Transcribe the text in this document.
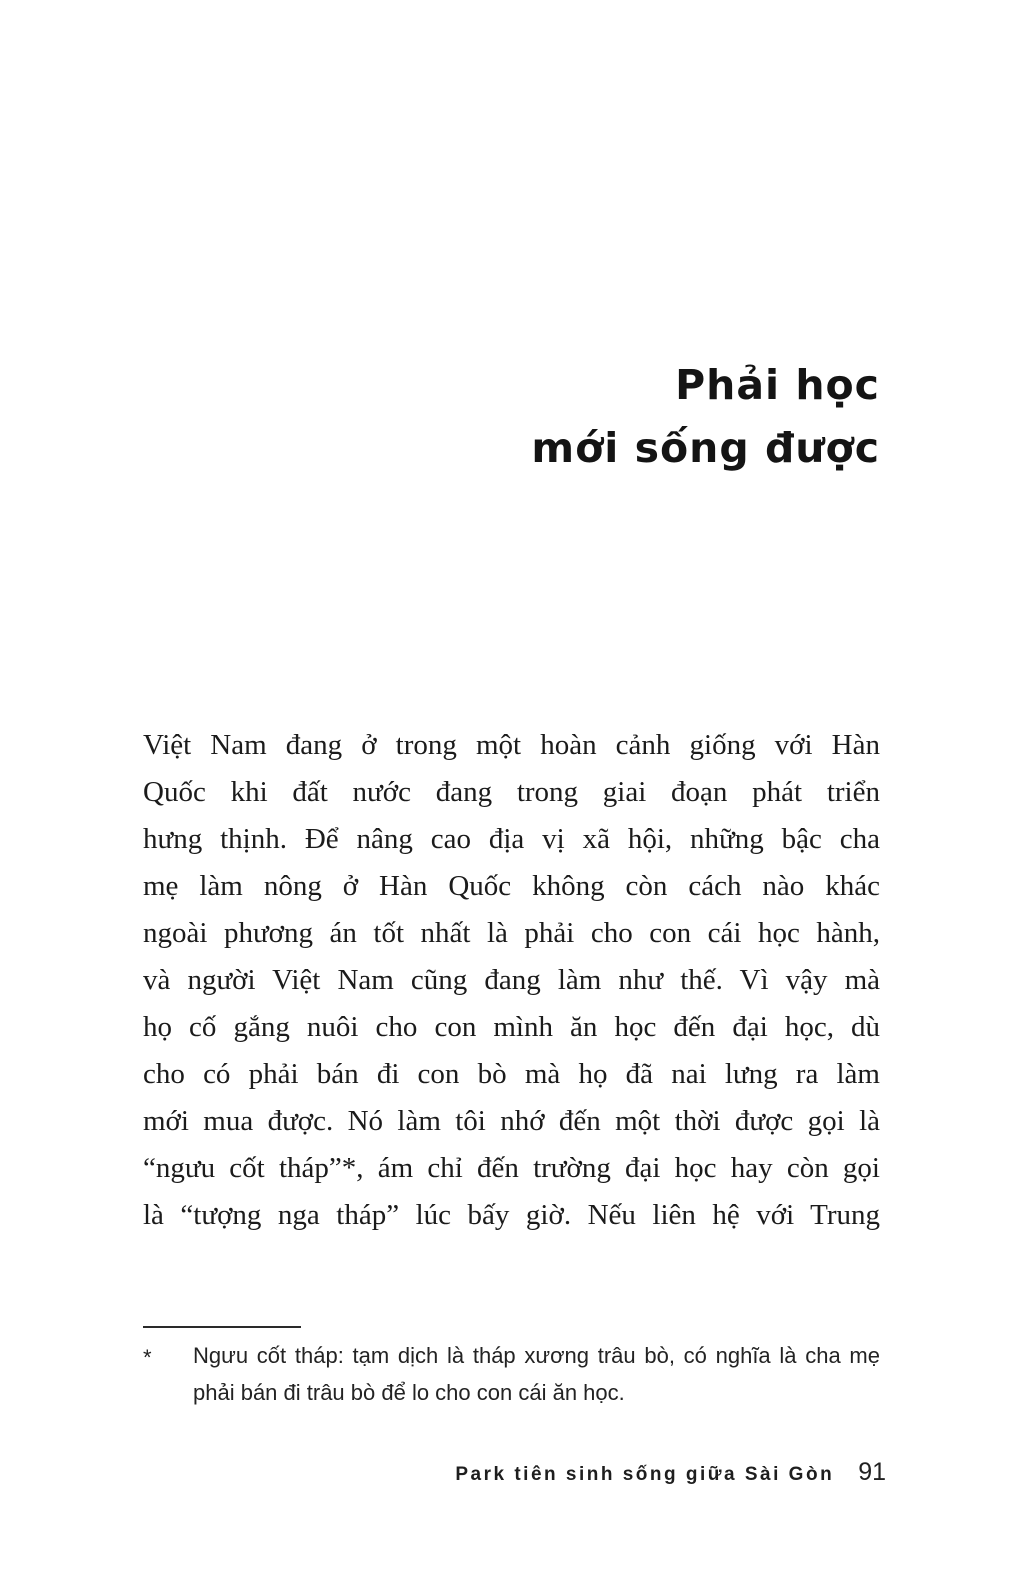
Phải học
mới sống được
Việt Nam đang ở trong một hoàn cảnh giống với Hàn
Quốc khi đất nước đang trong giai đoạn phát triển
hưng thịnh. Để nâng cao địa vị xã hội, những bậc cha
mẹ làm nông ở Hàn Quốc không còn cách nào khác
ngoài phương án tốt nhất là phải cho con cái học hành,
và người Việt Nam cũng đang làm như thế. Vì vậy mà
họ cố gắng nuôi cho con mình ăn học đến đại học, dù
cho có phải bán đi con bò mà họ đã nai lưng ra làm
mới mua được. Nó làm tôi nhớ đến một thời được gọi là
“ngưu cốt tháp”*, ám chỉ đến trường đại học hay còn gọi
là “tượng nga tháp” lúc bấy giờ. Nếu liên hệ với Trung
* Ngưu cốt tháp: tạm dịch là tháp xương trâu bò, có nghĩa là cha mẹ
phải bán đi trâu bò để lo cho con cái ăn học.
Park tiên sinh sống giữa Sài Gòn 91
